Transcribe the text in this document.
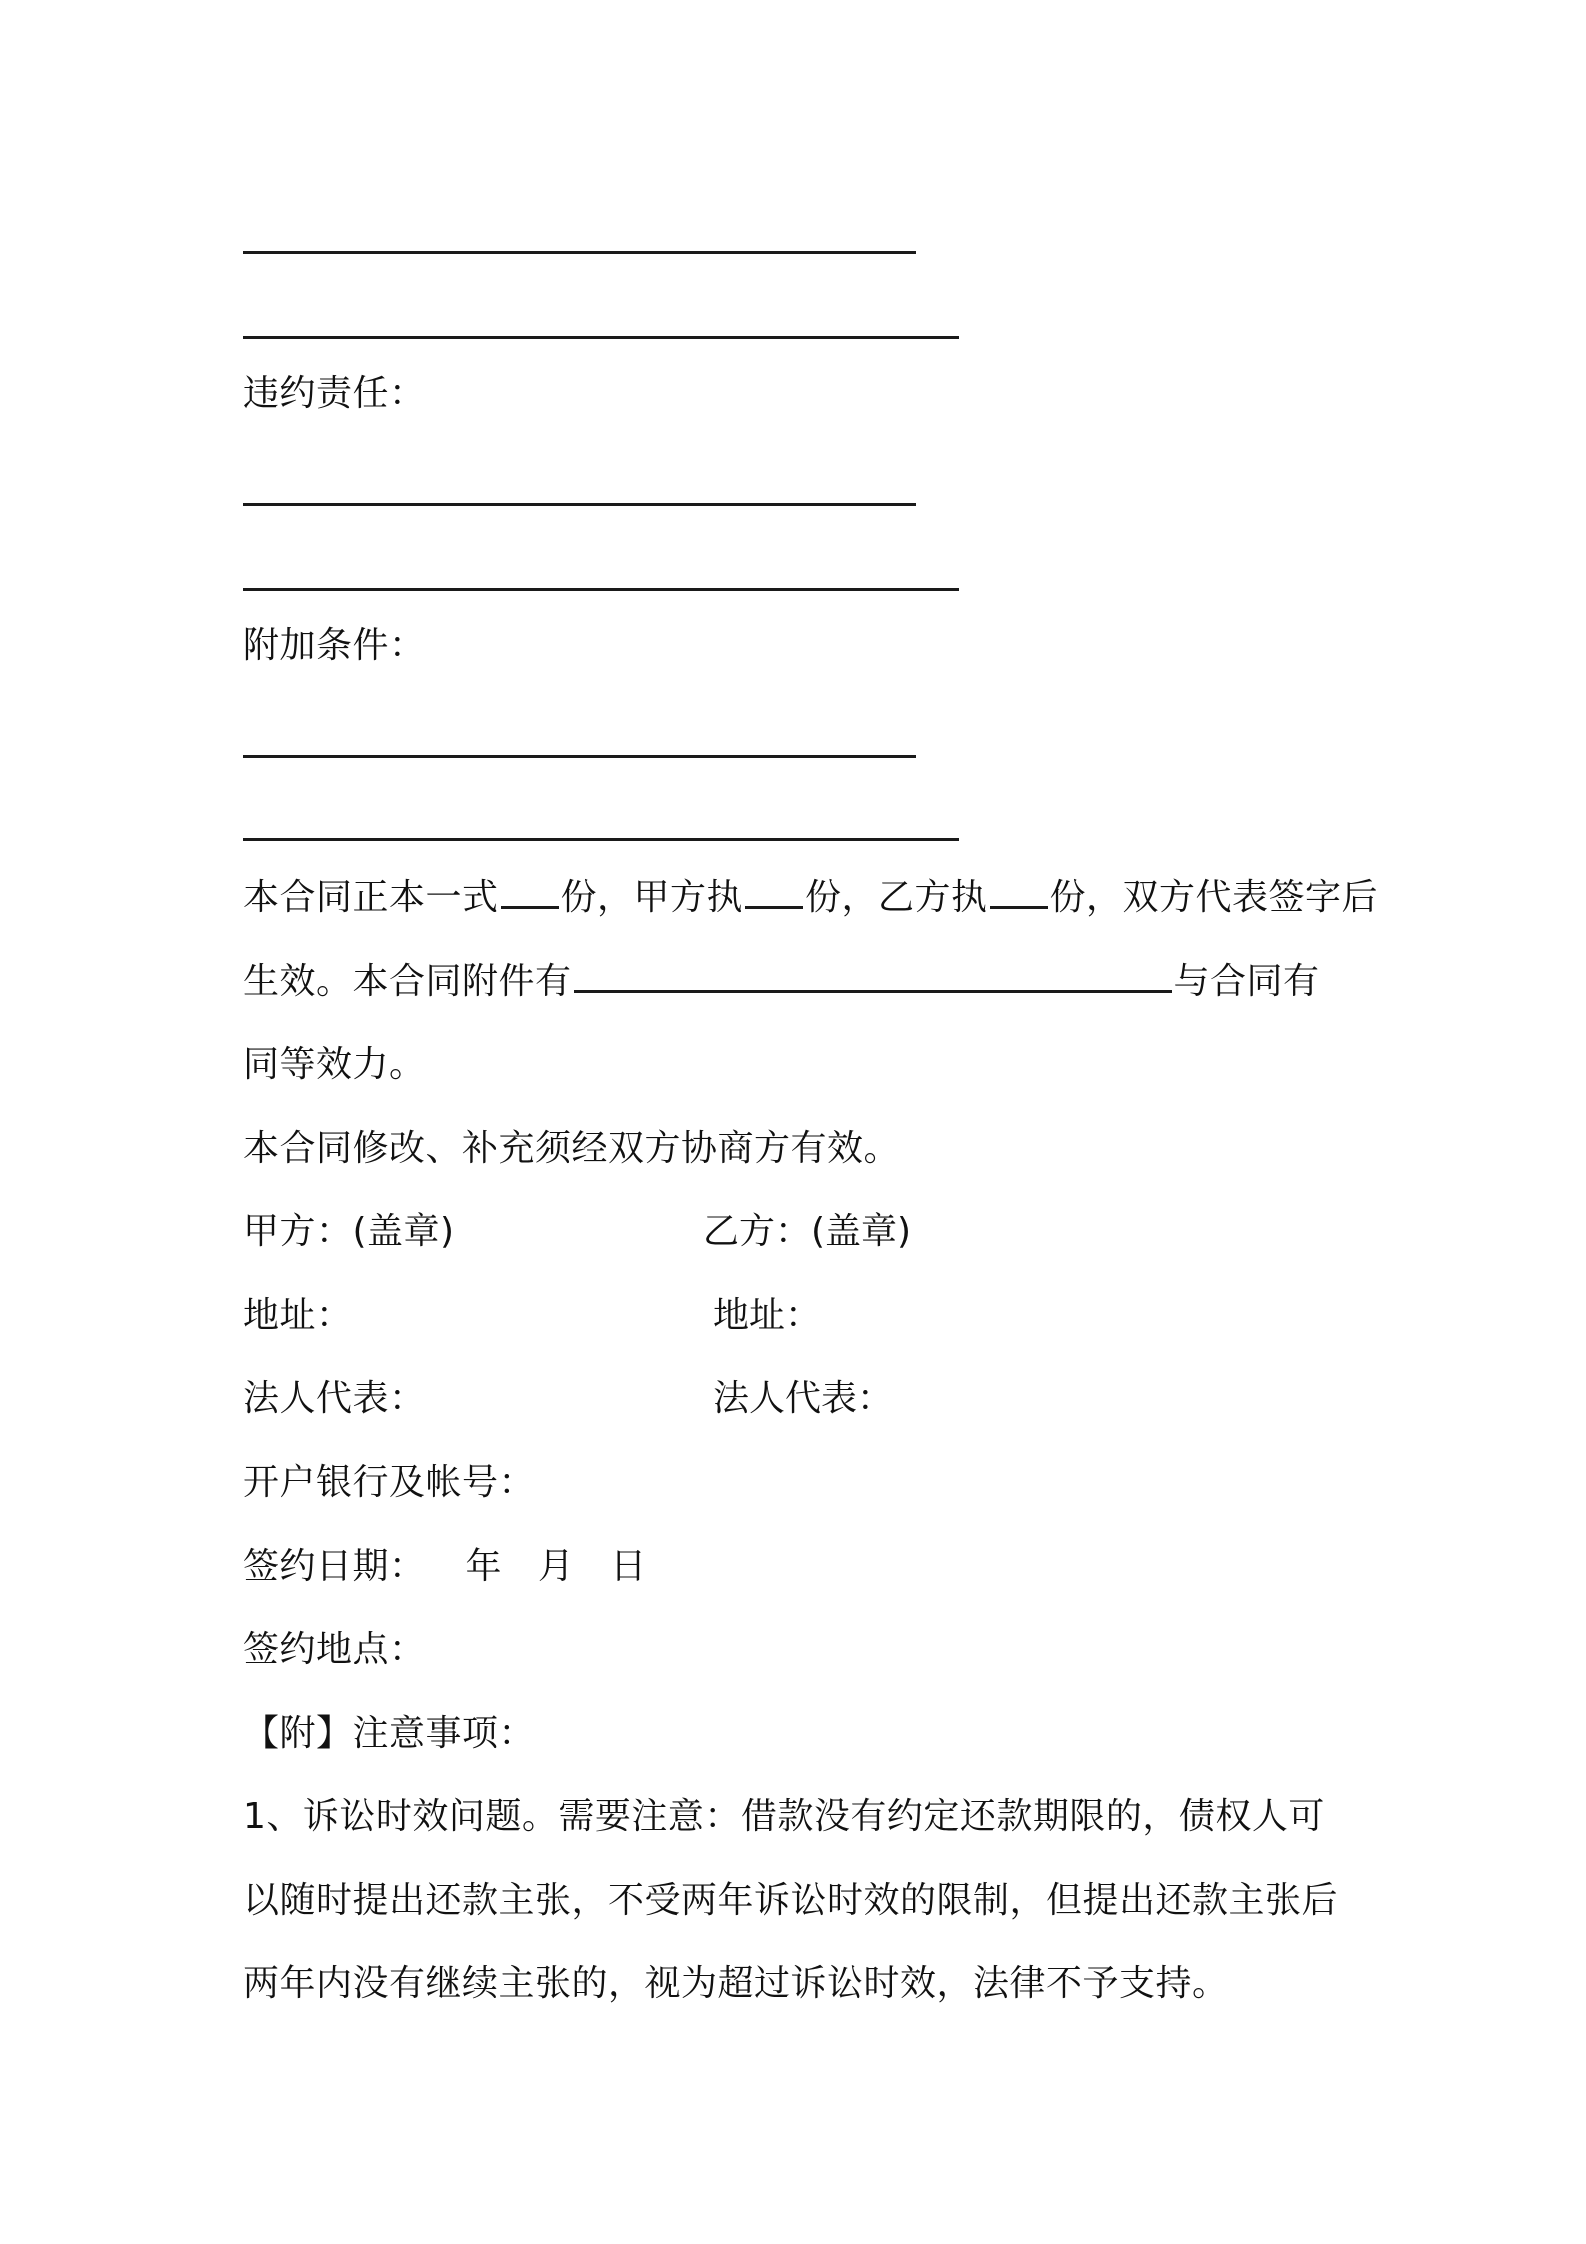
违约责任：
附加条件：
本合同正本一式 份，甲方执 份，乙方执 份，双方代表签字后
生效。本合同附件有	与合同有
同等效力。
本合同修改、补充须经双方协商方有效。
甲方：(盖章)	乙方：(盖章)
地址：	地址：
法人代表：	法人代表：
开户银行及帐号：
签约日期： 年 月 日
签约地点：
【附】注意事项：
1、诉讼时效问题。需要注意：借款没有约定还款期限的，债权人可
以随时提出还款主张，不受两年诉讼时效的限制，但提出还款主张后
两年内没有继续主张的，视为超过诉讼时效，法律不予支持。
